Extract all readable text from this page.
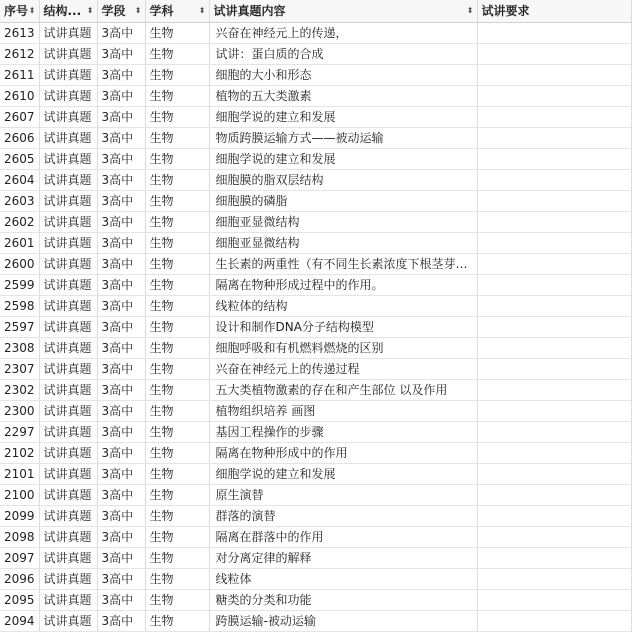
序号 ⬍	结构... ⬍	学段 ⬍	学科 ⬍	试讲真题内容 ⬍	试讲要求
2613	试讲真题	3高中	生物	兴奋在神经元上的传递，	
2612	试讲真题	3高中	生物	试讲：蛋白质的合成	
2611	试讲真题	3高中	生物	细胞的大小和形态	
2610	试讲真题	3高中	生物	植物的五大类激素	
2607	试讲真题	3高中	生物	细胞学说的建立和发展	
2606	试讲真题	3高中	生物	物质跨膜运输方式——被动运输	
2605	试讲真题	3高中	生物	细胞学说的建立和发展	
2604	试讲真题	3高中	生物	细胞膜的脂双层结构	
2603	试讲真题	3高中	生物	细胞膜的磷脂	
2602	试讲真题	3高中	生物	细胞亚显微结构	
2601	试讲真题	3高中	生物	细胞亚显微结构	
2600	试讲真题	3高中	生物	生长素的两重性（有不同生长素浓度下根茎芽…	
2599	试讲真题	3高中	生物	隔离在物种形成过程中的作用。	
2598	试讲真题	3高中	生物	线粒体的结构	
2597	试讲真题	3高中	生物	设计和制作DNA分子结构模型	
2308	试讲真题	3高中	生物	细胞呼吸和有机燃料燃烧的区别	
2307	试讲真题	3高中	生物	兴奋在神经元上的传递过程	
2302	试讲真题	3高中	生物	五大类植物激素的存在和产生部位 以及作用	
2300	试讲真题	3高中	生物	植物组织培养 画图	
2297	试讲真题	3高中	生物	基因工程操作的步骤	
2102	试讲真题	3高中	生物	隔离在物种形成中的作用	
2101	试讲真题	3高中	生物	细胞学说的建立和发展	
2100	试讲真题	3高中	生物	原生演替	
2099	试讲真题	3高中	生物	群落的演替	
2098	试讲真题	3高中	生物	隔离在群落中的作用	
2097	试讲真题	3高中	生物	对分离定律的解释	
2096	试讲真题	3高中	生物	线粒体	
2095	试讲真题	3高中	生物	糖类的分类和功能	
2094	试讲真题	3高中	生物	跨膜运输-被动运输	
